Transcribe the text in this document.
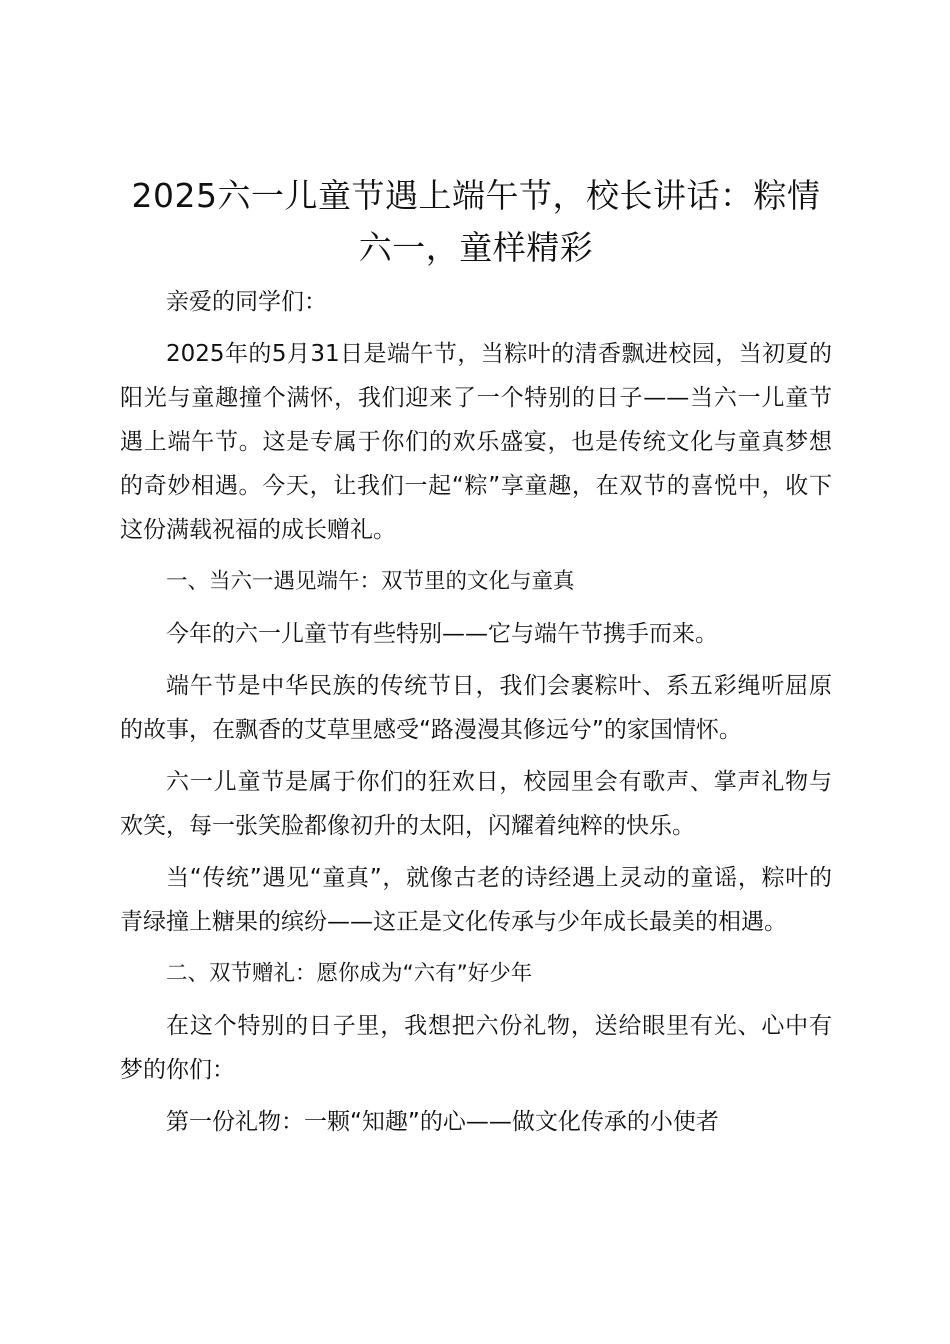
2025六一儿童节遇上端午节，校长讲话：粽情六一，童样精彩

亲爱的同学们：

2025年的5月31日是端午节，当粽叶的清香飘进校园，当初夏的阳光与童趣撞个满怀，我们迎来了一个特别的日子——当六一儿童节遇上端午节。这是专属于你们的欢乐盛宴，也是传统文化与童真梦想的奇妙相遇。今天，让我们一起“粽”享童趣，在双节的喜悦中，收下这份满载祝福的成长赠礼。

一、当六一遇见端午：双节里的文化与童真

今年的六一儿童节有些特别——它与端午节携手而来。

端午节是中华民族的传统节日，我们会裹粽叶、系五彩绳听屈原的故事，在飘香的艾草里感受“路漫漫其修远兮”的家国情怀。

六一儿童节是属于你们的狂欢日，校园里会有歌声、掌声礼物与欢笑，每一张笑脸都像初升的太阳，闪耀着纯粹的快乐。

当“传统”遇见“童真”，就像古老的诗经遇上灵动的童谣，粽叶的青绿撞上糖果的缤纷——这正是文化传承与少年成长最美的相遇。

二、双节赠礼：愿你成为“六有”好少年

在这个特别的日子里，我想把六份礼物，送给眼里有光、心中有梦的你们：

第一份礼物：一颗“知趣”的心——做文化传承的小使者
